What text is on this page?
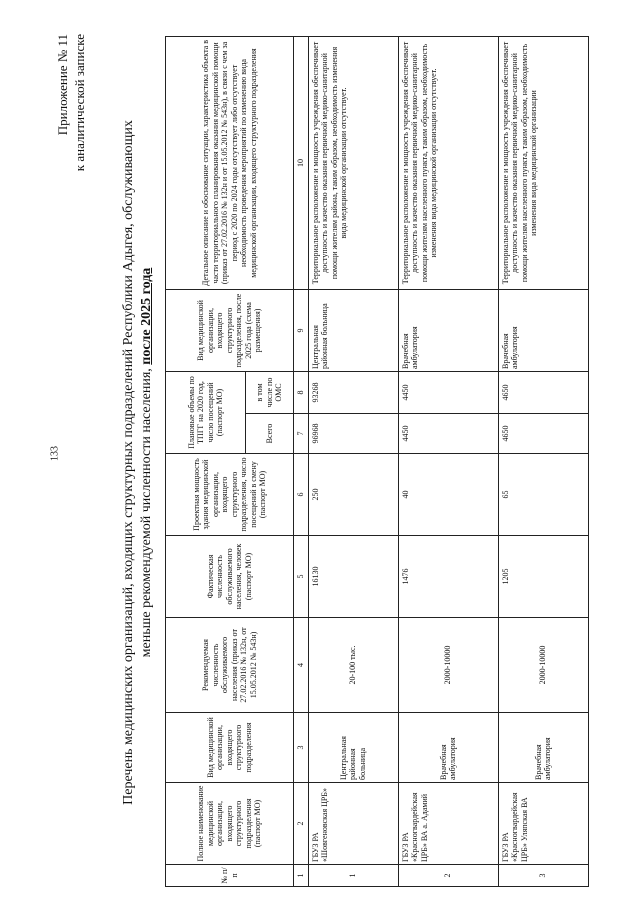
133
Приложение № 11 к аналитической записке
Перечень медицинских организаций, входящих структурных подразделений Республики Адыгея, обслуживающих меньше рекомендуемой численности населения, после 2025 года
№ п/п	Полное наименование медицинской организации, входящего структурного подразделения (паспорт МО)	Вид медицинской организации, входящего структурного подразделения	Рекомендуемая численность обслуживаемого населения (приказ от 27.02.2016 № 132н, от 15.05.2012 № 543н)	Фактическая численность обслуживаемого населения, человек (паспорт МО)	Проектная мощность здания медицинской организации, входящего структурного подразделения, число посещений в смену (паспорт МО)	Плановые объемы по ТПГГ на 2020 год, число посещений (паспорт МО)		Вид медицинской организации, входящего структурного подразделения, после 2025 года (схема размещения)	Детальное описание и обоснование ситуации, характеристика объекта в части территориального планирования оказания медицинской помощи (приказ от 27.02.2016 № 132н и от 15.05.2012 № 543н), в связи с чем за период с 2020 по 2024 годы отсутствует либо отсутствует необходимость проведения мероприятий по изменению вида медицинской организации, входящего структурного подразделения
						Всего	в том числе по ОМС		
1	2	3	4	5	6	7	8	9	10
1	ГБУЗ РА «Шовгеновская ЦРБ»	Центральная районная больница	20-100 тыс.	16130	250	96968	93268	Центральная районная больница	Территориальное расположение и мощность учреждения обеспечивает доступность и качество оказания первичной медико-санитарной помощи жителям района, таким образом, необходимость изменения вида медицинской организации отсутствует.
2	ГБУЗ РА «Красногвардейская ЦРБ» ВА а. Адамий	Врачебная амбулатория	2000-10000	1476	40	4450	4450	Врачебная амбулатория	Территориальное расположение и мощность учреждения обеспечивает доступность и качество оказания первичной медико-санитарной помощи жителям населенного пункта, таким образом, необходимость изменения вида медицинской организации отсутствует.
3	ГБУЗ РА «Красногвардейская ЦРБ» Уляпская ВА	Врачебная амбулатория	2000-10000	1205	65	4650	4650	Врачебная амбулатория	Территориальное расположение и мощность учреждения обеспечивает доступность и качество оказания первичной медико-санитарной помощи жителям населенного пункта, таким образом, необходимость изменения вида медицинской организации
